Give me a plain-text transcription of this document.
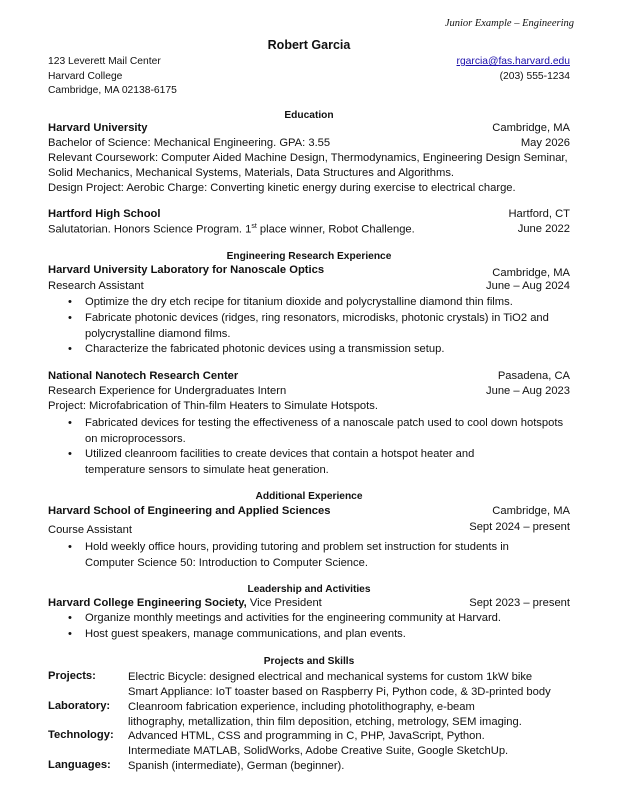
Junior Example – Engineering
Robert Garcia
123 Leverett Mail Center
Harvard College
Cambridge, MA 02138-6175
rgarcia@fas.harvard.edu
(203) 555-1234
Education
Harvard University	Cambridge, MA
Bachelor of Science: Mechanical Engineering. GPA: 3.55	May 2026
Relevant Coursework: Computer Aided Machine Design, Thermodynamics, Engineering Design Seminar,
Solid Mechanics, Mechanical Systems, Materials, Data Structures and Algorithms.
Design Project: Aerobic Charge: Converting kinetic energy during exercise to electrical charge.
Hartford High School	Hartford, CT
Salutatorian. Honors Science Program. 1st place winner, Robot Challenge.	June 2022
Engineering Research Experience
Harvard University Laboratory for Nanoscale Optics	Cambridge, MA
Research Assistant	June – Aug 2024
•	Optimize the dry etch recipe for titanium dioxide and polycrystalline diamond thin films.
•	Fabricate photonic devices (ridges, ring resonators, microdisks, photonic crystals) in TiO2 and polycrystalline diamond films.
•	Characterize the fabricated photonic devices using a transmission setup.
National Nanotech Research Center	Pasadena, CA
Research Experience for Undergraduates Intern	June – Aug 2023
Project: Microfabrication of Thin-film Heaters to Simulate Hotspots.
•	Fabricated devices for testing the effectiveness of a nanoscale patch used to cool down hotspots on microprocessors.
•	Utilized cleanroom facilities to create devices that contain a hotspot heater and temperature sensors to simulate heat generation.
Additional Experience
Harvard School of Engineering and Applied Sciences	Cambridge, MA
Course Assistant	Sept 2024 – present
•	Hold weekly office hours, providing tutoring and problem set instruction for students in Computer Science 50: Introduction to Computer Science.
Leadership and Activities
Harvard College Engineering Society, Vice President	Sept 2023 – present
•	Organize monthly meetings and activities for the engineering community at Harvard.
•	Host guest speakers, manage communications, and plan events.
Projects and Skills
Projects:	Electric Bicycle: designed electrical and mechanical systems for custom 1kW bike
Smart Appliance: IoT toaster based on Raspberry Pi, Python code, & 3D-printed body
Laboratory: Cleanroom fabrication experience, including photolithography, e-beam
lithography, metallization, thin film deposition, etching, metrology, SEM imaging.
Technology: Advanced HTML, CSS and programming in C, PHP, JavaScript, Python.
Intermediate MATLAB, SolidWorks, Adobe Creative Suite, Google SketchUp.
Languages: Spanish (intermediate), German (beginner).
